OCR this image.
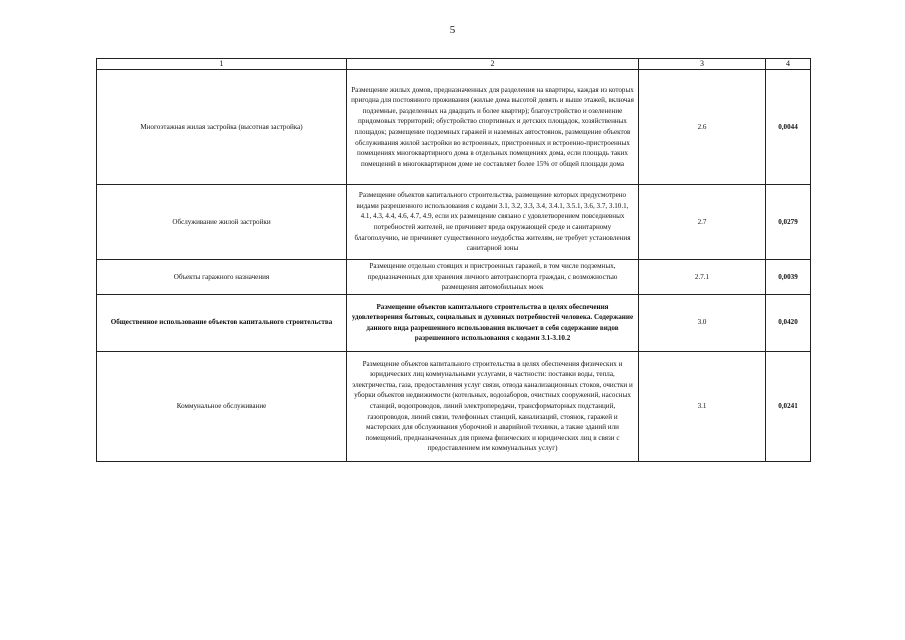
5
1	2	3	4
Многоэтажная жилая застройка (высотная застройка)	Размещение жилых домов, предназначенных для разделения на квартиры, каждая из которых пригодна для постоянного проживания (жилые дома высотой девять и выше этажей, включая подземные, разделенных на двадцать и более квартир); благоустройство и озеленение придомовых территорий; обустройство спортивных и детских площадок, хозяйственных площадок; размещение подземных гаражей и наземных автостоянок, размещение объектов обслуживания жилой застройки во встроенных, пристроенных и встроенно-пристроенных помещениях многоквартирного дома в отдельных помещениях дома, если площадь таких помещений в многоквартирном доме не составляет более 15% от общей площади дома	2.6	0,0044
Обслуживание жилой застройки	Размещение объектов капитального строительства, размещение которых предусмотрено видами разрешенного использования с кодами 3.1, 3.2, 3.3, 3.4, 3.4.1, 3.5.1, 3.6, 3.7, 3.10.1, 4.1, 4.3, 4.4, 4.6, 4.7, 4.9, если их размещение связано с удовлетворением повседневных потребностей жителей, не причиняет вреда окружающей среде и санитарному благополучию, не причиняет существенного неудобства жителям, не требует установления санитарной зоны	2.7	0,0279
Объекты гаражного назначения	Размещение отдельно стоящих и пристроенных гаражей, в том числе подземных, предназначенных для хранения личного автотранспорта граждан, с возможностью размещения автомобильных моек	2.7.1	0,0039
Общественное использование объектов капитального строительства	Размещение объектов капитального строительства в целях обеспечения удовлетворения бытовых, социальных и духовных потребностей человека. Содержание данного вида разрешенного использования включает в себя содержание видов разрешенного использования с кодами 3.1-3.10.2	3.0	0,0420
Коммунальное обслуживание	Размещение объектов капитального строительства в целях обеспечения физических и юридических лиц коммунальными услугами, в частности: поставки воды, тепла, электричества, газа, предоставления услуг связи, отвода канализационных стоков, очистки и уборки объектов недвижимости (котельных, водозаборов, очистных сооружений, насосных станций, водопроводов, линий электропередачи, трансформаторных подстанций, газопроводов, линий связи, телефонных станций, канализаций, стоянок, гаражей и мастерских для обслуживания уборочной и аварийной техники, а также зданий или помещений, предназначенных для приема физических и юридических лиц в связи с предоставлением им коммунальных услуг)	3.1	0,0241
